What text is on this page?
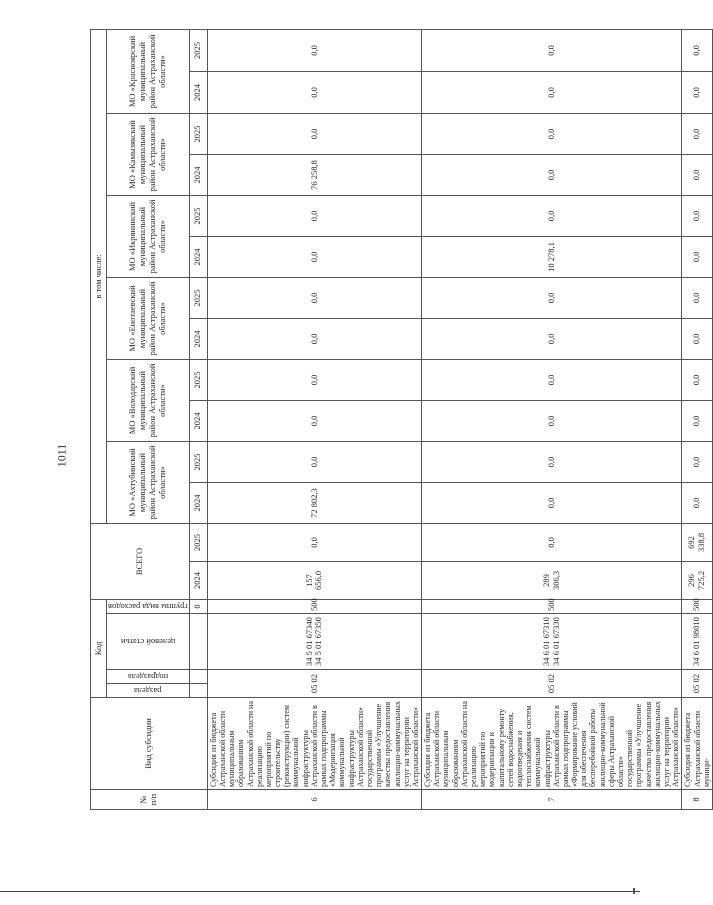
1011
№ п/п	Вид субсидии	Код				ВСЕГО		в том числе:											

		раздела	подраздела	целевой статьи	группы вида расходов			МО «Ахтубинский муниципальный район Астраханской области»		МО «Володарский муниципальный район Астраханской области»		МО «Енотаевский муниципальный район Астраханской области»		МО «Икрянинский муниципальный район Астраханской области»		МО «Камызякский муниципальный район Астраханской области»		МО «Красноярский муниципальный район Астраханской области»	

					0	2024	2025	2024	2025	2024	2025	2024	2025	2024	2025	2024	2025	2024	2025
6	Субсидия из бюджета Астраханской области муниципальным образованиям Астраханской области на реализацию мероприятий по строительству (реконструкции) систем коммунальной инфраструктуры Астраханской области в рамках подпрограммы «Модернизация коммунальной инфраструктуры Астраханской области» государственной программы «Улучшение качества предоставления жилищно-коммунальных услуг на территории Астраханской области»	05 02		34 5 01 67340 34 5 01 67350	500	157 656,0	0,0	72 802,3	0,0	0,0	0,0	0,0	0,0	0,0	0,0	76 258,8	0,0	0,0	0,0
7	Субсидия из бюджета Астраханской области муниципальным образованиям Астраханской области на реализацию мероприятий по модернизации и капитальному ремонту сетей водоснабжения, водоотведения и теплоснабжения систем коммунальной инфраструктуры Астраханской области в рамках подпрограммы «Формирование условий для обеспечения бесперебойной работы жилищно-коммунальной сферы Астраханской области» государственной программы «Улучшение качества предоставления жилищно-коммунальных услуг на территории Астраханской области»	05 02		34 6 01 67310 34 6 01 67330	500	289 306,3	0,0	0,0	0,0	0,0	0,0	0,0	0,0	10 278,1	0,0	0,0	0,0	0,0	0,0
8	Субсидия из бюджета Астраханской области муници-	05 02		34 6 01 98010	500	296 725,2	692 338,8	0,0	0,0	0,0	0,0	0,0	0,0	0,0	0,0	0,0	0,0	0,0	0,0
